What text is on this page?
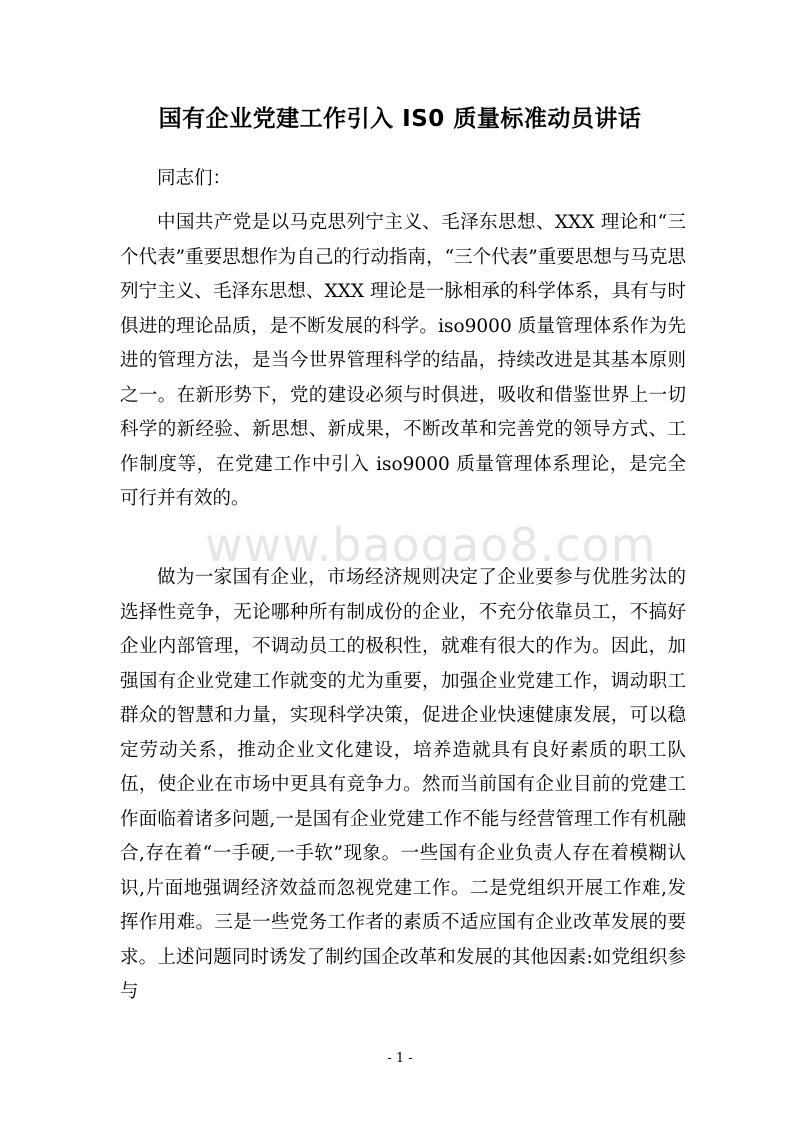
国有企业党建工作引入 IS0 质量标准动员讲话

同志们：

中国共产党是以马克思列宁主义、毛泽东思想、XXX 理论和“三个代表”重要思想作为自己的行动指南，“三个代表”重要思想与马克思列宁主义、毛泽东思想、XXX 理论是一脉相承的科学体系，具有与时俱进的理论品质，是不断发展的科学。iso9000 质量管理体系作为先进的管理方法，是当今世界管理科学的结晶，持续改进是其基本原则之一。在新形势下，党的建设必须与时俱进，吸收和借鉴世界上一切科学的新经验、新思想、新成果，不断改革和完善党的领导方式、工作制度等，在党建工作中引入 iso9000 质量管理体系理论，是完全可行并有效的。

www.baogao8.com

做为一家国有企业，市场经济规则决定了企业要参与优胜劣汰的选择性竞争，无论哪种所有制成份的企业，不充分依靠员工，不搞好企业内部管理，不调动员工的极积性，就难有很大的作为。因此，加强国有企业党建工作就变的尤为重要，加强企业党建工作，调动职工群众的智慧和力量，实现科学决策，促进企业快速健康发展，可以稳定劳动关系，推动企业文化建设，培养造就具有良好素质的职工队伍，使企业在市场中更具有竞争力。然而当前国有企业目前的党建工作面临着诸多问题,一是国有企业党建工作不能与经营管理工作有机融合,存在着“一手硬,一手软”现象。一些国有企业负责人存在着模糊认识,片面地强调经济效益而忽视党建工作。二是党组织开展工作难,发挥作用难。三是一些党务工作者的素质不适应国有企业改革发展的要求。上述问题同时诱发了制约国企改革和发展的其他因素:如党组织参与

- 1 -
